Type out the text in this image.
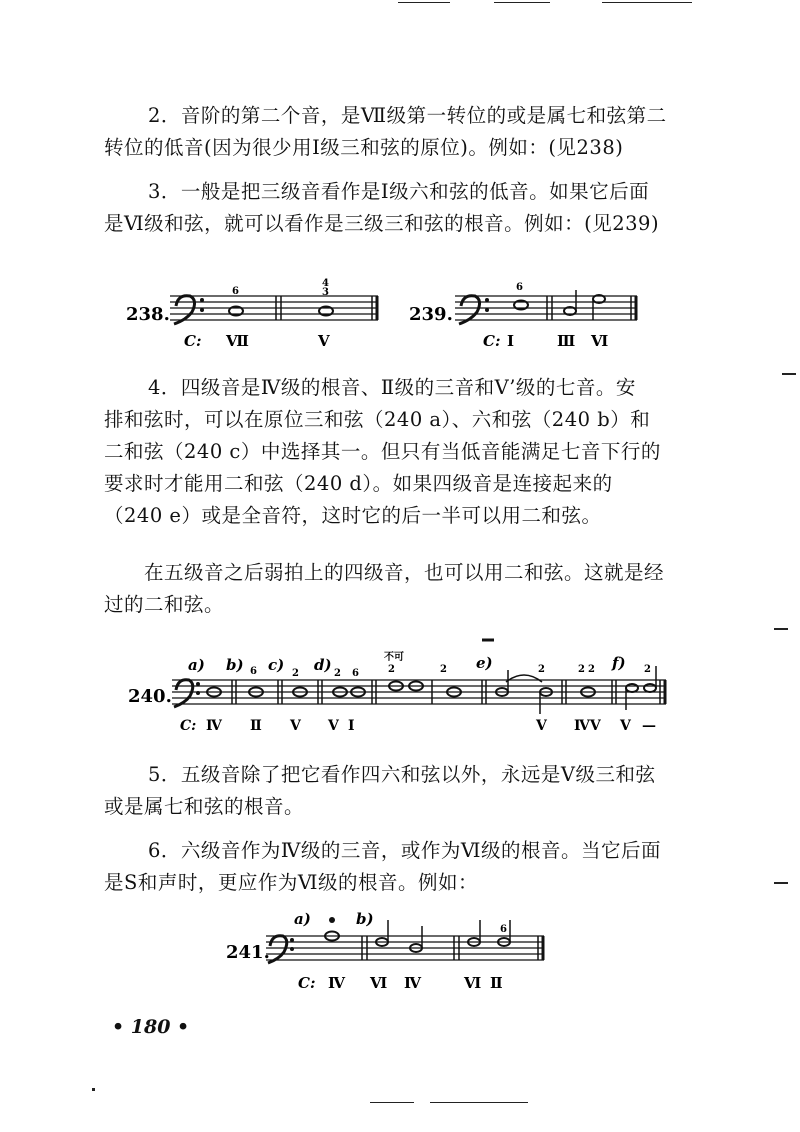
2．音阶的第二个音，是Ⅶ级第一转位的或是属七和弦第二
转位的低音(因为很少用Ⅰ级三和弦的原位)。例如：(见238)
3．一般是把三级音看作是Ⅰ级六和弦的低音。如果它后面
是Ⅵ级和弦，就可以看作是三级三和弦的根音。例如：(见239)
238.
6
4
3
C: Ⅶ	Ⅴ
239.
6
C: Ⅰ	Ⅲ Ⅵ
4．四级音是Ⅳ级的根音、Ⅱ级的三音和Ⅴ’级的七音。安
排和弦时，可以在原位三和弦（240 a）、六和弦（240 b）和
二和弦（240 c）中选择其一。但只有当低音能满足七音下行的
要求时才能用二和弦（240 d）。如果四级音是连接起来的
（240 e）或是全音符，这时它的后一半可以用二和弦。
在五级音之后弱拍上的四级音，也可以用二和弦。这就是经
过的二和弦。
240.
a) b) c) d)	e)	f)
不可
6	2	2 6	2	2	2	2 2	2
C: Ⅳ Ⅱ Ⅴ Ⅴ Ⅰ	Ⅴ ⅣⅤ Ⅴ —
5．五级音除了把它看作四六和弦以外，永远是Ⅴ级三和弦
或是属七和弦的根音。
6．六级音作为Ⅳ级的三音，或作为Ⅵ级的根音。当它后面
是S和声时，更应作为Ⅵ级的根音。例如：
241.
a)	b)
6
C: Ⅳ Ⅵ Ⅳ	Ⅵ Ⅱ
• 180 •
